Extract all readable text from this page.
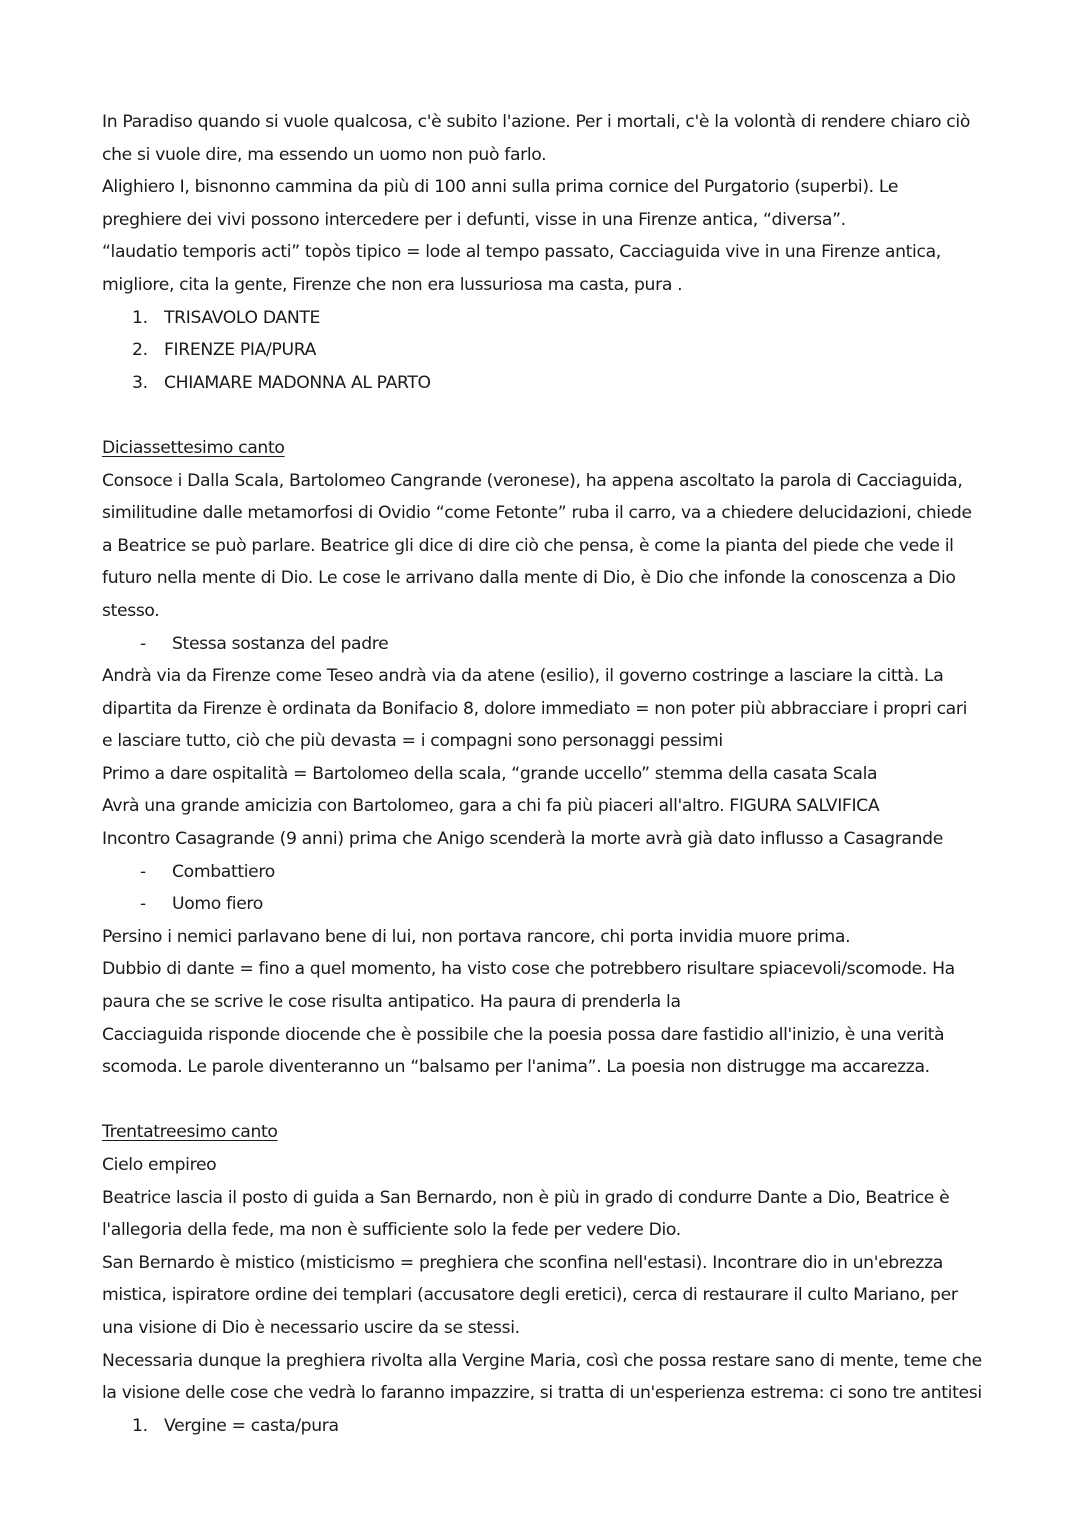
In Paradiso quando si vuole qualcosa, c'è subito l'azione. Per i mortali, c'è la volontà di rendere chiaro ciò che si vuole dire, ma essendo un uomo non può farlo.

Alighiero I, bisnonno cammina da più di 100 anni sulla prima cornice del Purgatorio (superbi). Le preghiere dei vivi possono intercedere per i defunti, visse in una Firenze antica, “diversa”.

“laudatio temporis acti” topòs tipico = lode al tempo passato, Cacciaguida vive in una Firenze antica, migliore, cita la gente, Firenze che non era lussuriosa ma casta, pura .

1. TRISAVOLO DANTE
2. FIRENZE PIA/PURA
3. CHIAMARE MADONNA AL PARTO

Diciassettesimo canto

Consoce i Dalla Scala, Bartolomeo Cangrande (veronese), ha appena ascoltato la parola di Cacciaguida, similitudine dalle metamorfosi di Ovidio “come Fetonte” ruba il carro, va a chiedere delucidazioni, chiede a Beatrice se può parlare. Beatrice gli dice di dire ciò che pensa, è come la pianta del piede che vede il futuro nella mente di Dio. Le cose le arrivano dalla mente di Dio, è Dio che infonde la conoscenza a Dio stesso.

-	Stessa sostanza del padre

Andrà via da Firenze come Teseo andrà via da atene (esilio), il governo costringe a lasciare la città. La dipartita da Firenze è ordinata da Bonifacio 8, dolore immediato = non poter più abbracciare i propri cari e lasciare tutto, ciò che più devasta = i compagni sono personaggi pessimi

Primo a dare ospitalità = Bartolomeo della scala, “grande uccello” stemma della casata Scala

Avrà una grande amicizia con Bartolomeo, gara a chi fa più piaceri all'altro. FIGURA SALVIFICA

Incontro Casagrande (9 anni) prima che Anigo scenderà la morte avrà già dato influsso a Casagrande

-	Combattiero
-	Uomo fiero

Persino i nemici parlavano bene di lui, non portava rancore, chi porta invidia muore prima.

Dubbio di dante = fino a quel momento, ha visto cose che potrebbero risultare spiacevoli/scomode. Ha paura che se scrive le cose risulta antipatico. Ha paura di prenderla la

Cacciaguida risponde diocende che è possibile che la poesia possa dare fastidio all'inizio, è una verità scomoda. Le parole diventeranno un “balsamo per l'anima”. La poesia non distrugge ma accarezza.

Trentatreesimo canto

Cielo empireo

Beatrice lascia il posto di guida a San Bernardo, non è più in grado di condurre Dante a Dio, Beatrice è l'allegoria della fede, ma non è sufficiente solo la fede per vedere Dio.

San Bernardo è mistico (misticismo = preghiera che sconfina nell'estasi). Incontrare dio in un'ebrezza mistica, ispiratore ordine dei templari (accusatore degli eretici), cerca di restaurare il culto Mariano, per una visione di Dio è necessario uscire da se stessi.

Necessaria dunque la preghiera rivolta alla Vergine Maria, così che possa restare sano di mente, teme che la visione delle cose che vedrà lo faranno impazzire, si tratta di un'esperienza estrema: ci sono tre antitesi

1. Vergine = casta/pura
